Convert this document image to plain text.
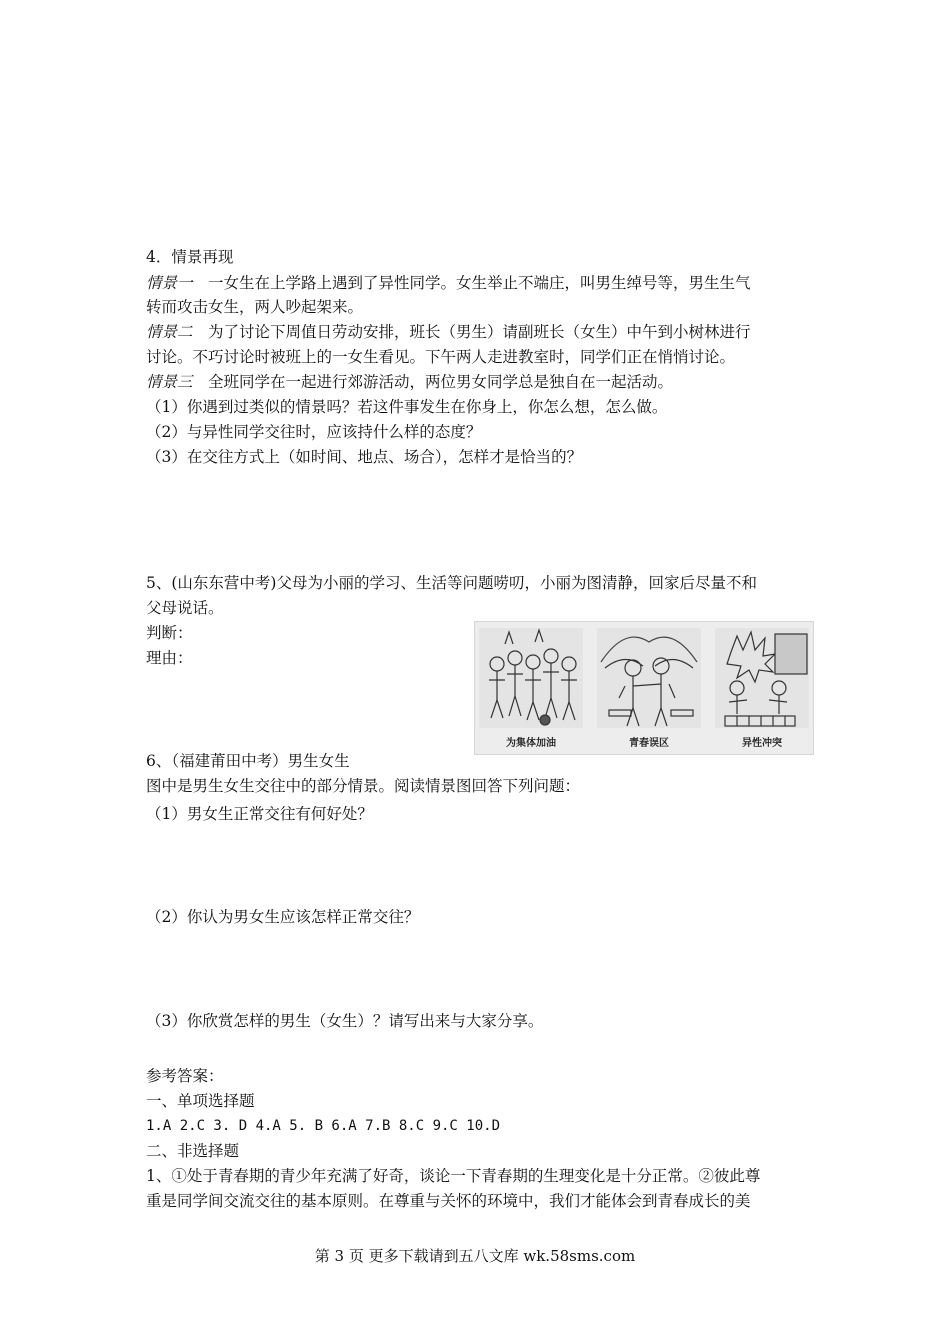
4．情景再现
情景一　一女生在上学路上遇到了异性同学。女生举止不端庄，叫男生绰号等，男生生气
转而攻击女生，两人吵起架来。
情景二　为了讨论下周值日劳动安排，班长（男生）请副班长（女生）中午到小树林进行
讨论。不巧讨论时被班上的一女生看见。下午两人走进教室时，同学们正在悄悄讨论。
情景三　全班同学在一起进行郊游活动，两位男女同学总是独自在一起活动。
（1）你遇到过类似的情景吗？若这件事发生在你身上，你怎么想，怎么做。
（2）与异性同学交往时，应该持什么样的态度？
（3）在交往方式上（如时间、地点、场合），怎样才是恰当的？
5、(山东东营中考)父母为小丽的学习、生活等问题唠叨，小丽为图清静，回家后尽量不和
父母说话。
判断：
理由：
为集体加油	青春误区	异性冲突
6、（福建莆田中考）男生女生
图中是男生女生交往中的部分情景。阅读情景图回答下列问题：
（1）男女生正常交往有何好处？
（2）你认为男女生应该怎样正常交往？
（3）你欣赏怎样的男生（女生）？请写出来与大家分享。
参考答案：
一、单项选择题
1.A 2.C 3. D 4.A 5. B 6.A 7.B 8.C 9.C 10.D
二、非选择题
1、①处于青春期的青少年充满了好奇，谈论一下青春期的生理变化是十分正常。②彼此尊
重是同学间交流交往的基本原则。在尊重与关怀的环境中，我们才能体会到青春成长的美
第 3 页 更多下载请到五八文库 wk.58sms.com
